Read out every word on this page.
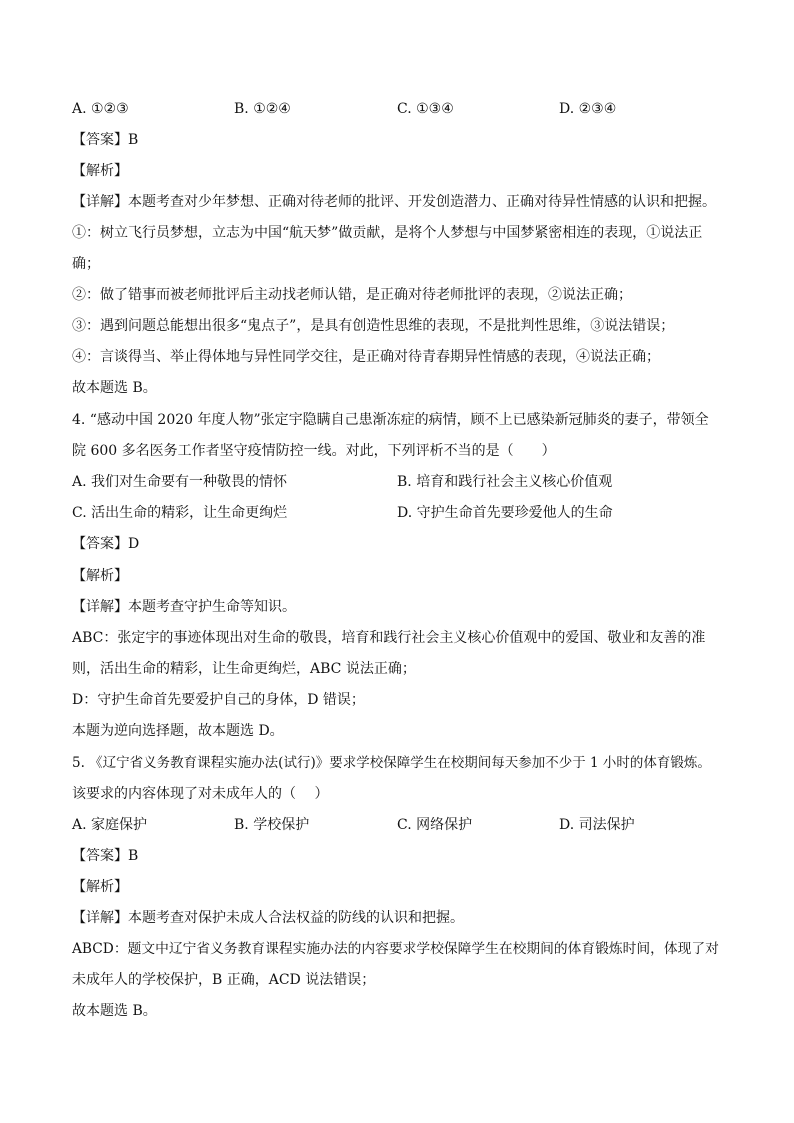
A. ①②③	B. ①②④	C. ①③④	D. ②③④
【答案】B
【解析】
【详解】本题考查对少年梦想、正确对待老师的批评、开发创造潜力、正确对待异性情感的认识和把握。
①：树立飞行员梦想，立志为中国“航天梦”做贡献，是将个人梦想与中国梦紧密相连的表现，①说法正
确；
②：做了错事而被老师批评后主动找老师认错，是正确对待老师批评的表现，②说法正确；
③：遇到问题总能想出很多“鬼点子”，是具有创造性思维的表现，不是批判性思维，③说法错误；
④：言谈得当、举止得体地与异性同学交往，是正确对待青春期异性情感的表现，④说法正确；
故本题选 B。
4. “感动中国 2020 年度人物”张定宇隐瞒自己患渐冻症的病情，顾不上已感染新冠肺炎的妻子，带领全
院 600 多名医务工作者坚守疫情防控一线。对此，下列评析不当的是（　　）
A. 我们对生命要有一种敬畏的情怀	B. 培育和践行社会主义核心价值观
C. 活出生命的精彩，让生命更绚烂	D. 守护生命首先要珍爱他人的生命
【答案】D
【解析】
【详解】本题考查守护生命等知识。
ABC：张定宇的事迹体现出对生命的敬畏，培育和践行社会主义核心价值观中的爱国、敬业和友善的准
则，活出生命的精彩，让生命更绚烂，ABC 说法正确；
D：守护生命首先要爱护自己的身体，D 错误；
本题为逆向选择题，故本题选 D。
5. 《辽宁省义务教育课程实施办法(试行)》要求学校保障学生在校期间每天参加不少于 1 小时的体育锻炼。
该要求的内容体现了对未成年人的（　 ）
A. 家庭保护	B. 学校保护	C. 网络保护	D. 司法保护
【答案】B
【解析】
【详解】本题考查对保护未成人合法权益的防线的认识和把握。
ABCD：题文中辽宁省义务教育课程实施办法的内容要求学校保障学生在校期间的体育锻炼时间，体现了对
未成年人的学校保护，B 正确，ACD 说法错误；
故本题选 B。
